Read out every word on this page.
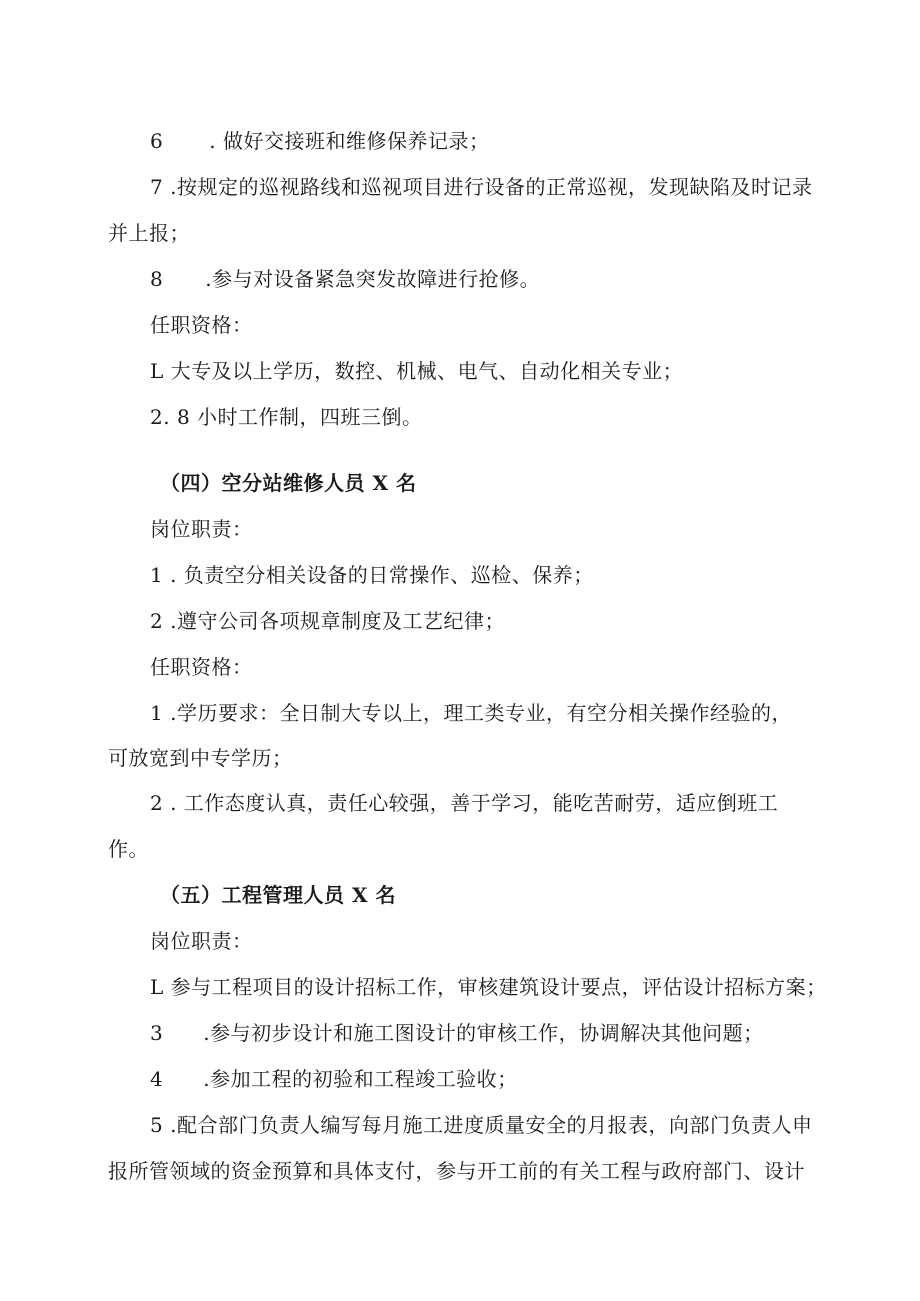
6 . 做好交接班和维修保养记录；
7 .按规定的巡视路线和巡视项目进行设备的正常巡视，发现缺陷及时记录
并上报；
8 .参与对设备紧急突发故障进行抢修。
任职资格：
L 大专及以上学历，数控、机械、电气、自动化相关专业；
2. 8 小时工作制，四班三倒。
（四）空分站维修人员 X 名
岗位职责：
1 . 负责空分相关设备的日常操作、巡检、保养；
2 .遵守公司各项规章制度及工艺纪律；
任职资格：
1 .学历要求：全日制大专以上，理工类专业，有空分相关操作经验的，
可放宽到中专学历；
2 . 工作态度认真，责任心较强，善于学习，能吃苦耐劳，适应倒班工
作。
（五）工程管理人员 X 名
岗位职责：
L 参与工程项目的设计招标工作，审核建筑设计要点，评估设计招标方案；
3 .参与初步设计和施工图设计的审核工作，协调解决其他问题；
4 .参加工程的初验和工程竣工验收；
5 .配合部门负责人编写每月施工进度质量安全的月报表，向部门负责人申
报所管领域的资金预算和具体支付，参与开工前的有关工程与政府部门、设计
